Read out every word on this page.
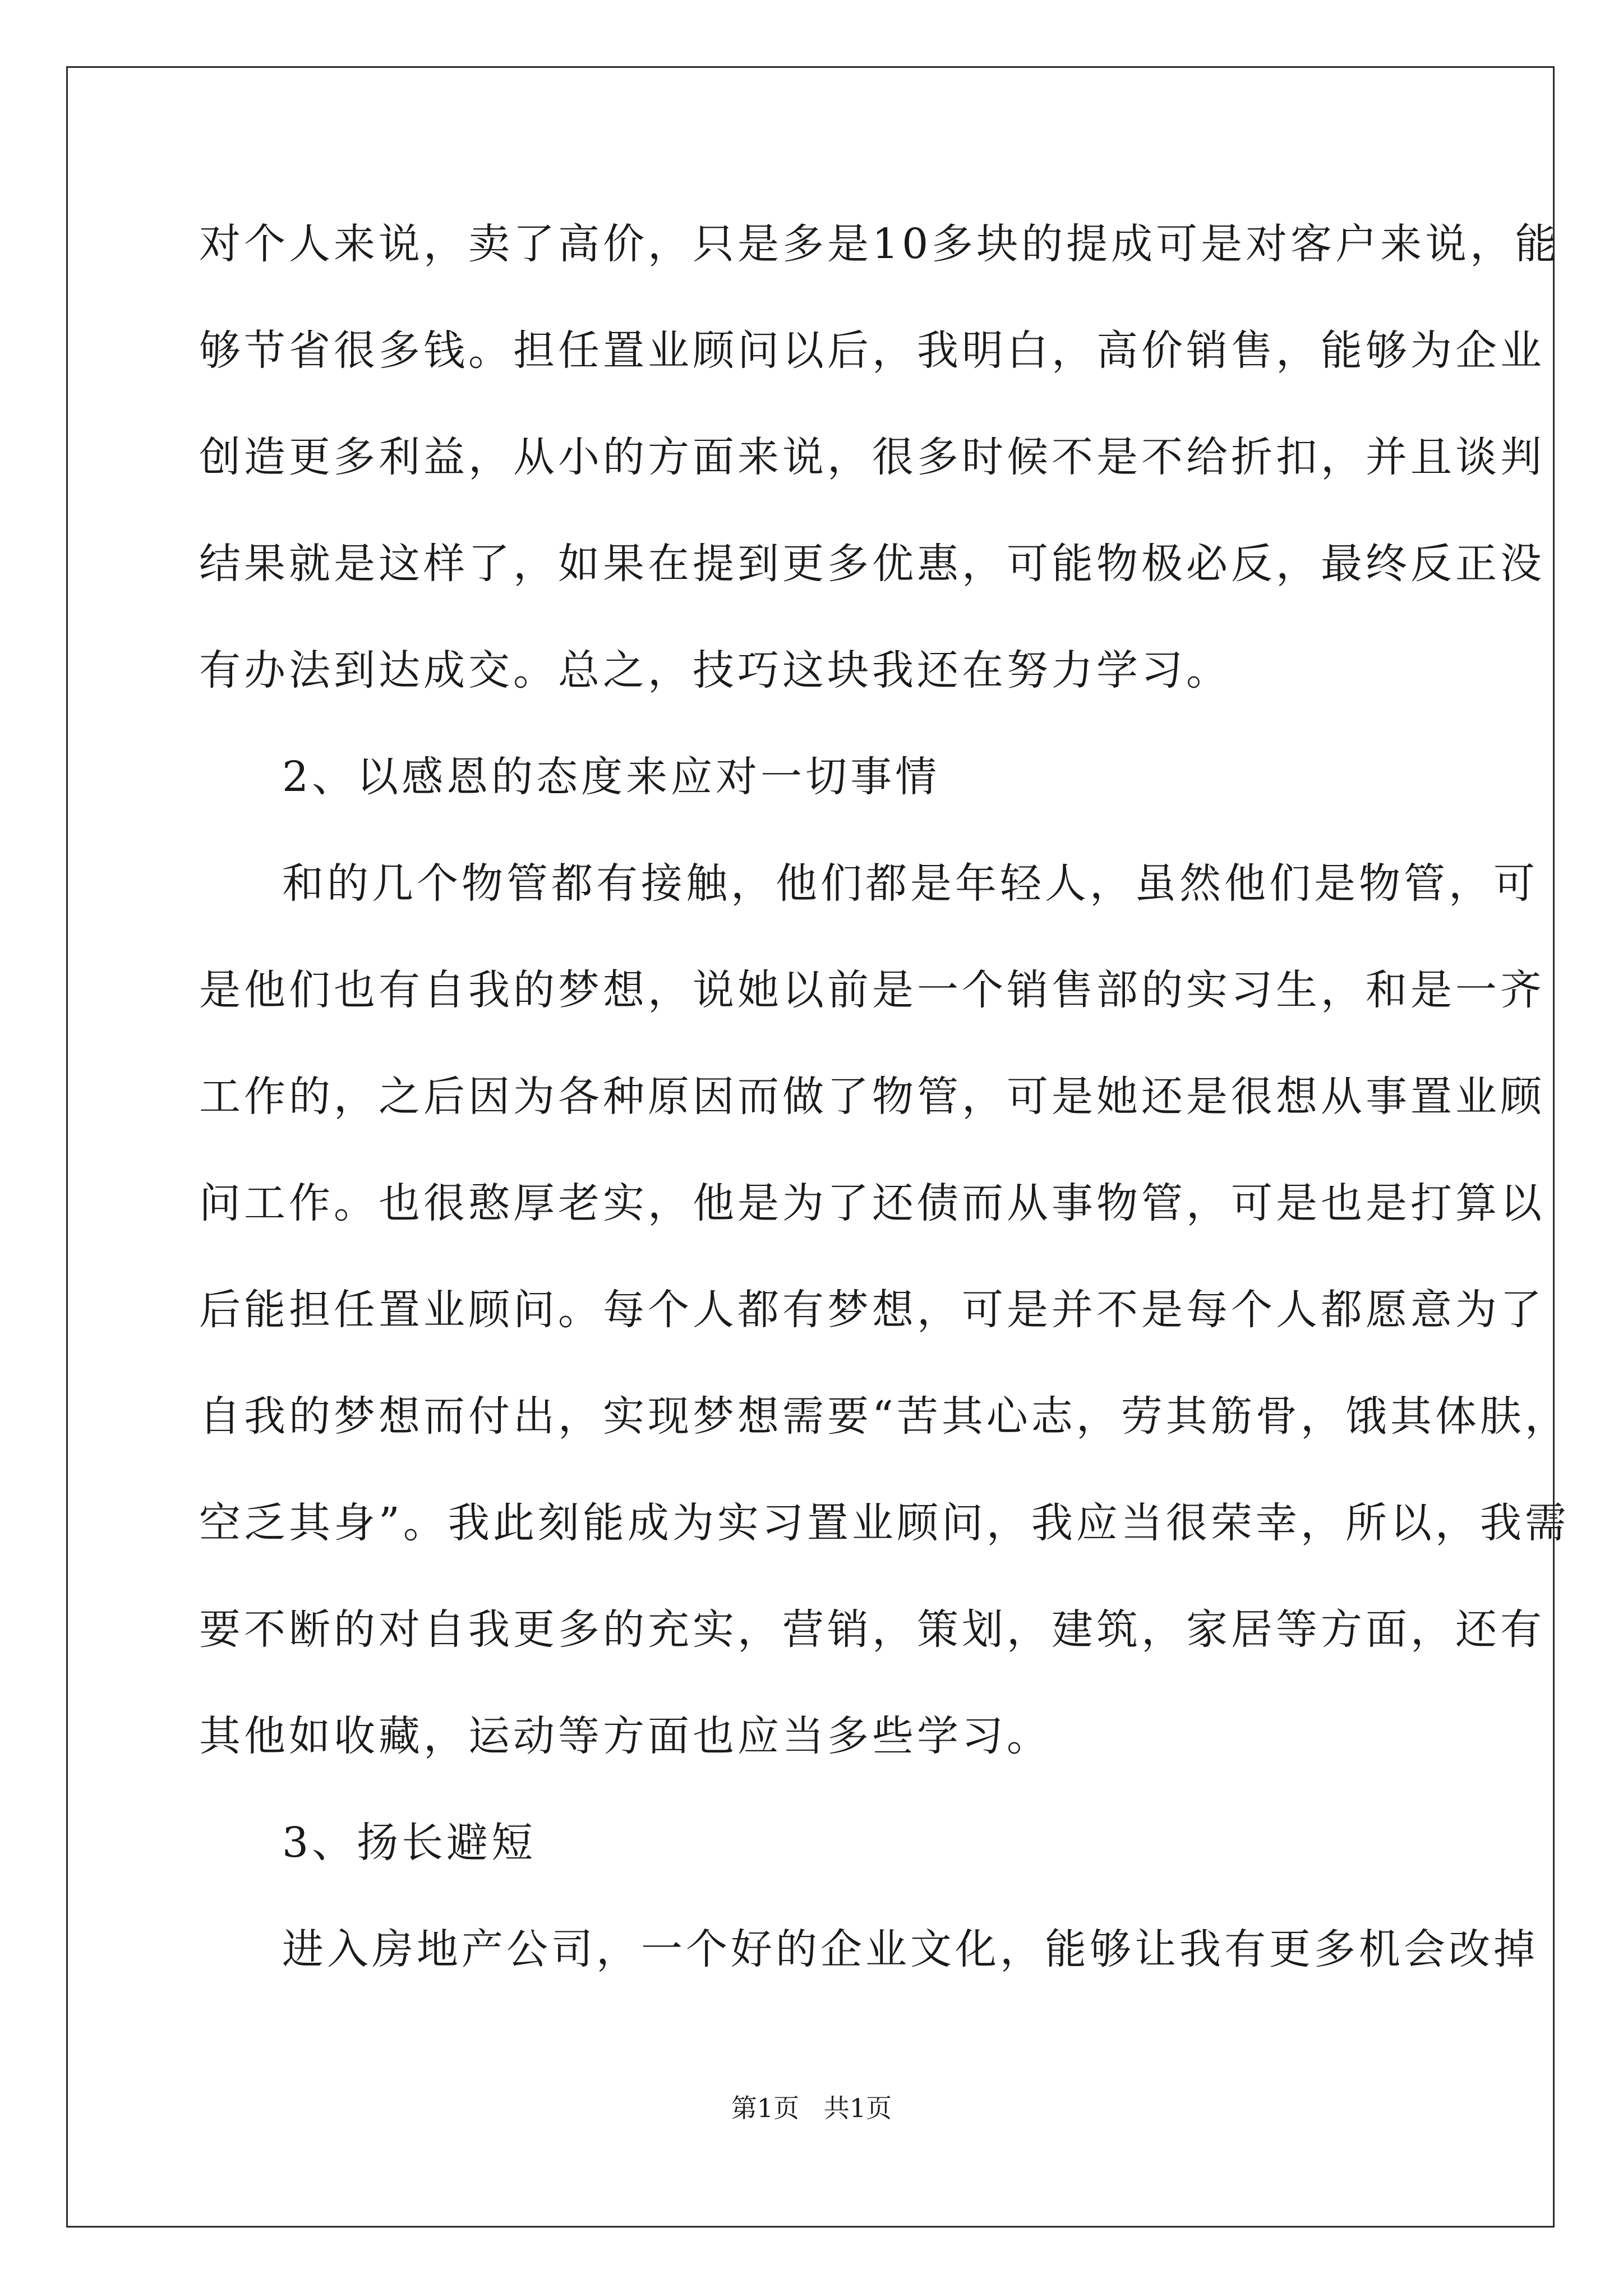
对个人来说，卖了高价，只是多是10多块的提成可是对客户来说，能
够节省很多钱。担任置业顾问以后，我明白，高价销售，能够为企业
创造更多利益，从小的方面来说，很多时候不是不给折扣，并且谈判
结果就是这样了，如果在提到更多优惠，可能物极必反，最终反正没
有办法到达成交。总之，技巧这块我还在努力学习。
2、以感恩的态度来应对一切事情
和的几个物管都有接触，他们都是年轻人，虽然他们是物管，可
是他们也有自我的梦想，说她以前是一个销售部的实习生，和是一齐
工作的，之后因为各种原因而做了物管，可是她还是很想从事置业顾
问工作。也很憨厚老实，他是为了还债而从事物管，可是也是打算以
后能担任置业顾问。每个人都有梦想，可是并不是每个人都愿意为了
自我的梦想而付出，实现梦想需要“苦其心志，劳其筋骨，饿其体肤，
空乏其身”。我此刻能成为实习置业顾问，我应当很荣幸，所以，我需
要不断的对自我更多的充实，营销，策划，建筑，家居等方面，还有
其他如收藏，运动等方面也应当多些学习。
3、扬长避短
进入房地产公司，一个好的企业文化，能够让我有更多机会改掉
第1页   共1页
